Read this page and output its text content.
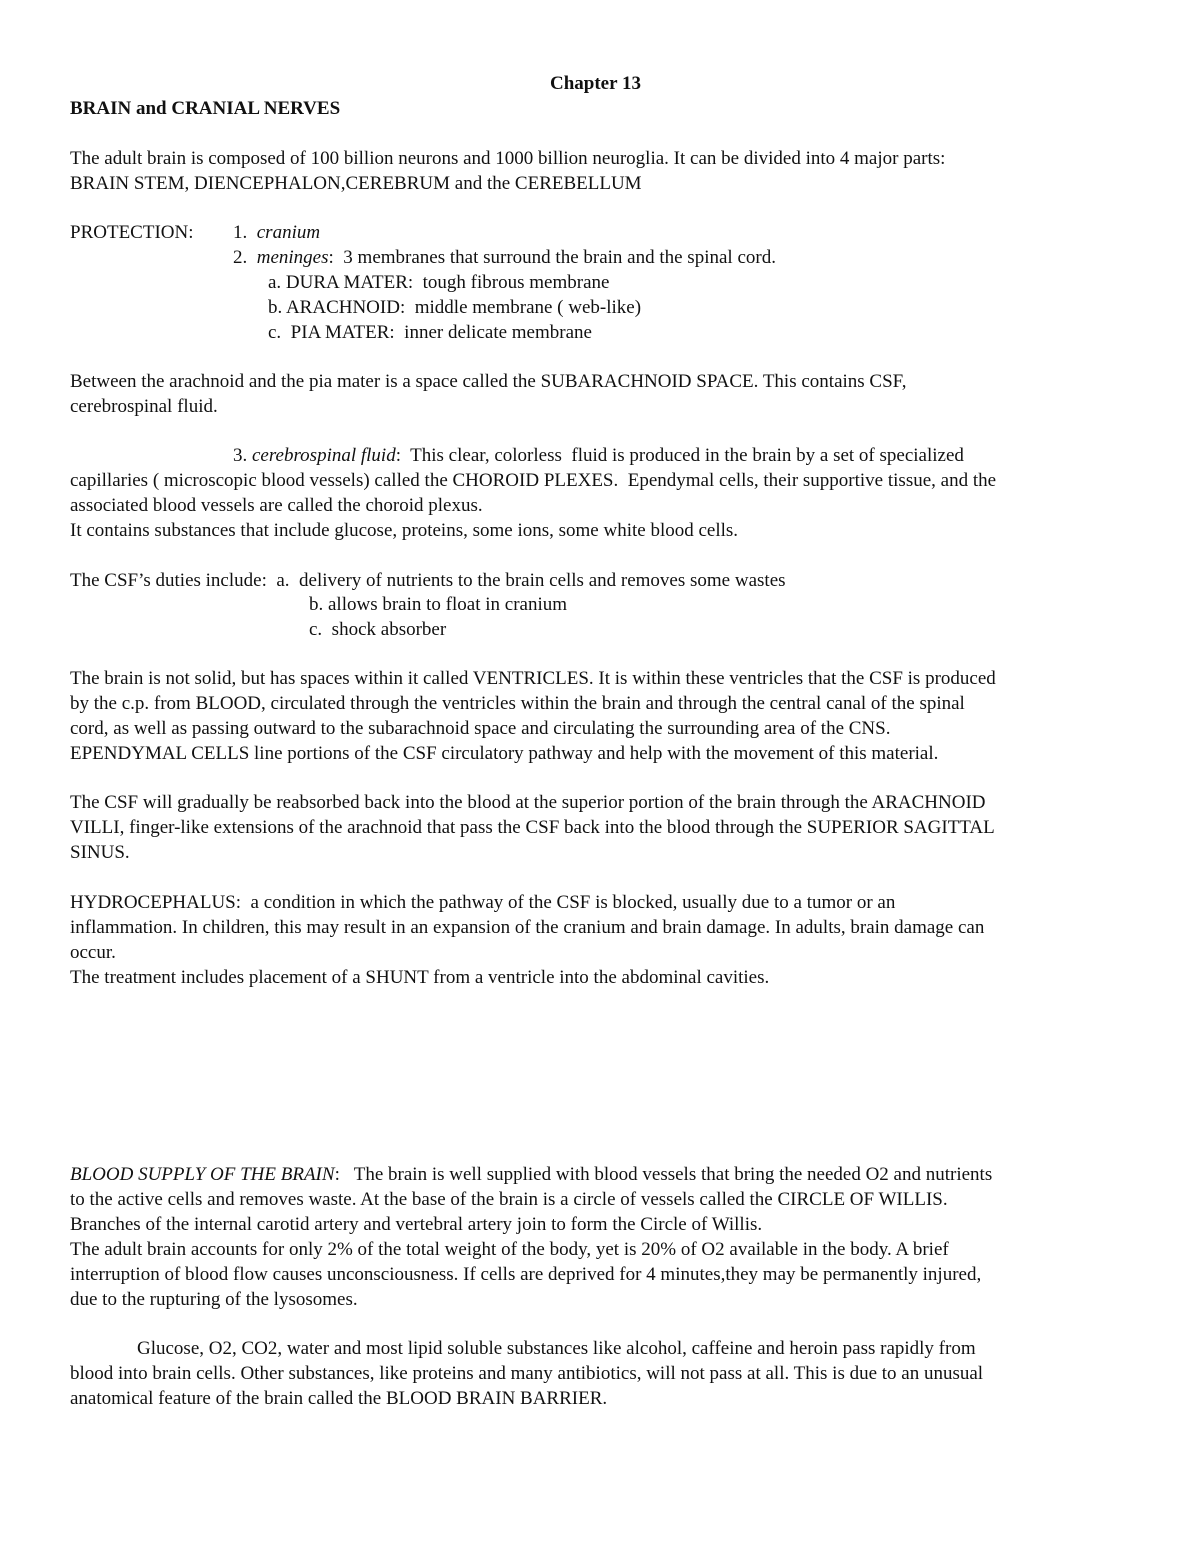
Chapter 13
BRAIN and CRANIAL NERVES
The adult brain is composed of 100 billion neurons and 1000 billion neuroglia. It can be divided into 4 major parts:
BRAIN STEM, DIENCEPHALON,CEREBRUM and the CEREBELLUM
PROTECTION: 1. cranium
2. meninges:  3 membranes that surround the brain and the spinal cord.
a. DURA MATER:  tough fibrous membrane
b. ARACHNOID:  middle membrane ( web-like)
c.  PIA MATER:  inner delicate membrane
Between the arachnoid and the pia mater is a space called the SUBARACHNOID SPACE. This contains CSF,
cerebrospinal fluid.
3. cerebrospinal fluid:  This clear, colorless  fluid is produced in the brain by a set of specialized
capillaries ( microscopic blood vessels) called the CHOROID PLEXES.  Ependymal cells, their supportive tissue, and the
associated blood vessels are called the choroid plexus.
It contains substances that include glucose, proteins, some ions, some white blood cells.
The CSF’s duties include:  a.  delivery of nutrients to the brain cells and removes some wastes
b. allows brain to float in cranium
c.  shock absorber
The brain is not solid, but has spaces within it called VENTRICLES. It is within these ventricles that the CSF is produced
by the c.p. from BLOOD, circulated through the ventricles within the brain and through the central canal of the spinal
cord, as well as passing outward to the subarachnoid space and circulating the surrounding area of the CNS.
EPENDYMAL CELLS line portions of the CSF circulatory pathway and help with the movement of this material.
The CSF will gradually be reabsorbed back into the blood at the superior portion of the brain through the ARACHNOID
VILLI, finger-like extensions of the arachnoid that pass the CSF back into the blood through the SUPERIOR SAGITTAL
SINUS.
HYDROCEPHALUS:  a condition in which the pathway of the CSF is blocked, usually due to a tumor or an
inflammation. In children, this may result in an expansion of the cranium and brain damage. In adults, brain damage can
occur.
The treatment includes placement of a SHUNT from a ventricle into the abdominal cavities.
BLOOD SUPPLY OF THE BRAIN:   The brain is well supplied with blood vessels that bring the needed O2 and nutrients
to the active cells and removes waste. At the base of the brain is a circle of vessels called the CIRCLE OF WILLIS.
Branches of the internal carotid artery and vertebral artery join to form the Circle of Willis.
The adult brain accounts for only 2% of the total weight of the body, yet is 20% of O2 available in the body. A brief
interruption of blood flow causes unconsciousness. If cells are deprived for 4 minutes,they may be permanently injured,
due to the rupturing of the lysosomes.
Glucose, O2, CO2, water and most lipid soluble substances like alcohol, caffeine and heroin pass rapidly from
blood into brain cells. Other substances, like proteins and many antibiotics, will not pass at all. This is due to an unusual
anatomical feature of the brain called the BLOOD BRAIN BARRIER.
